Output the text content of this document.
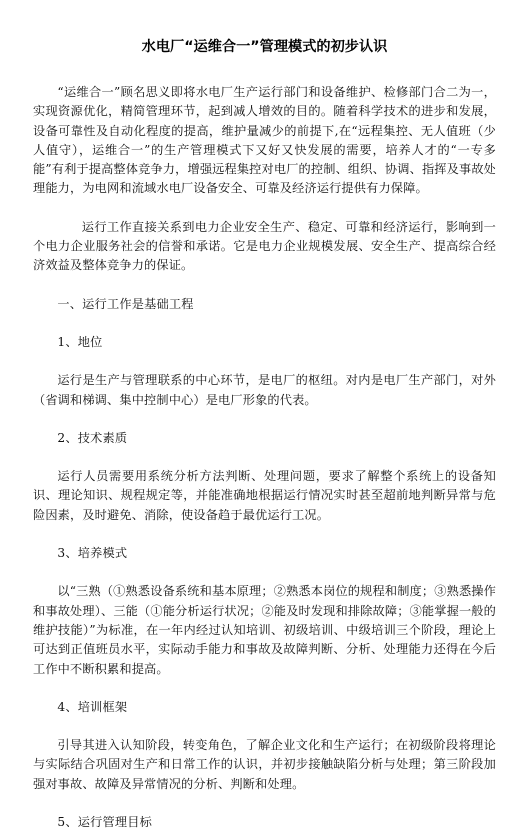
水电厂“运维合一”管理模式的初步认识

“运维合一”顾名思义即将水电厂生产运行部门和设备维护、检修部门合二为一，实现资源优化，精简管理环节，起到减人增效的目的。随着科学技术的进步和发展，设备可靠性及自动化程度的提高，维护量减少的前提下,在“远程集控、无人值班（少人值守），运维合一”的生产管理模式下又好又快发展的需要，培养人才的“一专多能”有利于提高整体竞争力，增强远程集控对电厂的控制、组织、协调、指挥及事故处理能力，为电网和流域水电厂设备安全、可靠及经济运行提供有力保障。

运行工作直接关系到电力企业安全生产、稳定、可靠和经济运行，影响到一个电力企业服务社会的信誉和承诺。它是电力企业规模发展、安全生产、提高综合经济效益及整体竞争力的保证。

一、运行工作是基础工程

1、地位

运行是生产与管理联系的中心环节，是电厂的枢纽。对内是电厂生产部门，对外（省调和梯调、集中控制中心）是电厂形象的代表。

2、技术素质

运行人员需要用系统分析方法判断、处理问题，要求了解整个系统上的设备知识、理论知识、规程规定等，并能准确地根据运行情况实时甚至超前地判断异常与危险因素，及时避免、消除，使设备趋于最优运行工况。

3、培养模式

以“三熟（①熟悉设备系统和基本原理；②熟悉本岗位的规程和制度；③熟悉操作和事故处理）、三能（①能分析运行状况；②能及时发现和排除故障；③能掌握一般的维护技能）”为标准，在一年内经过认知培训、初级培训、中级培训三个阶段，理论上可达到正值班员水平，实际动手能力和事故及故障判断、分析、处理能力还得在今后工作中不断积累和提高。

4、培训框架

引导其进入认知阶段，转变角色，了解企业文化和生产运行；在初级阶段将理论与实际结合巩固对生产和日常工作的认识，并初步接触缺陷分析与处理；第三阶段加强对事故、故障及异常情况的分析、判断和处理。

5、运行管理目标
